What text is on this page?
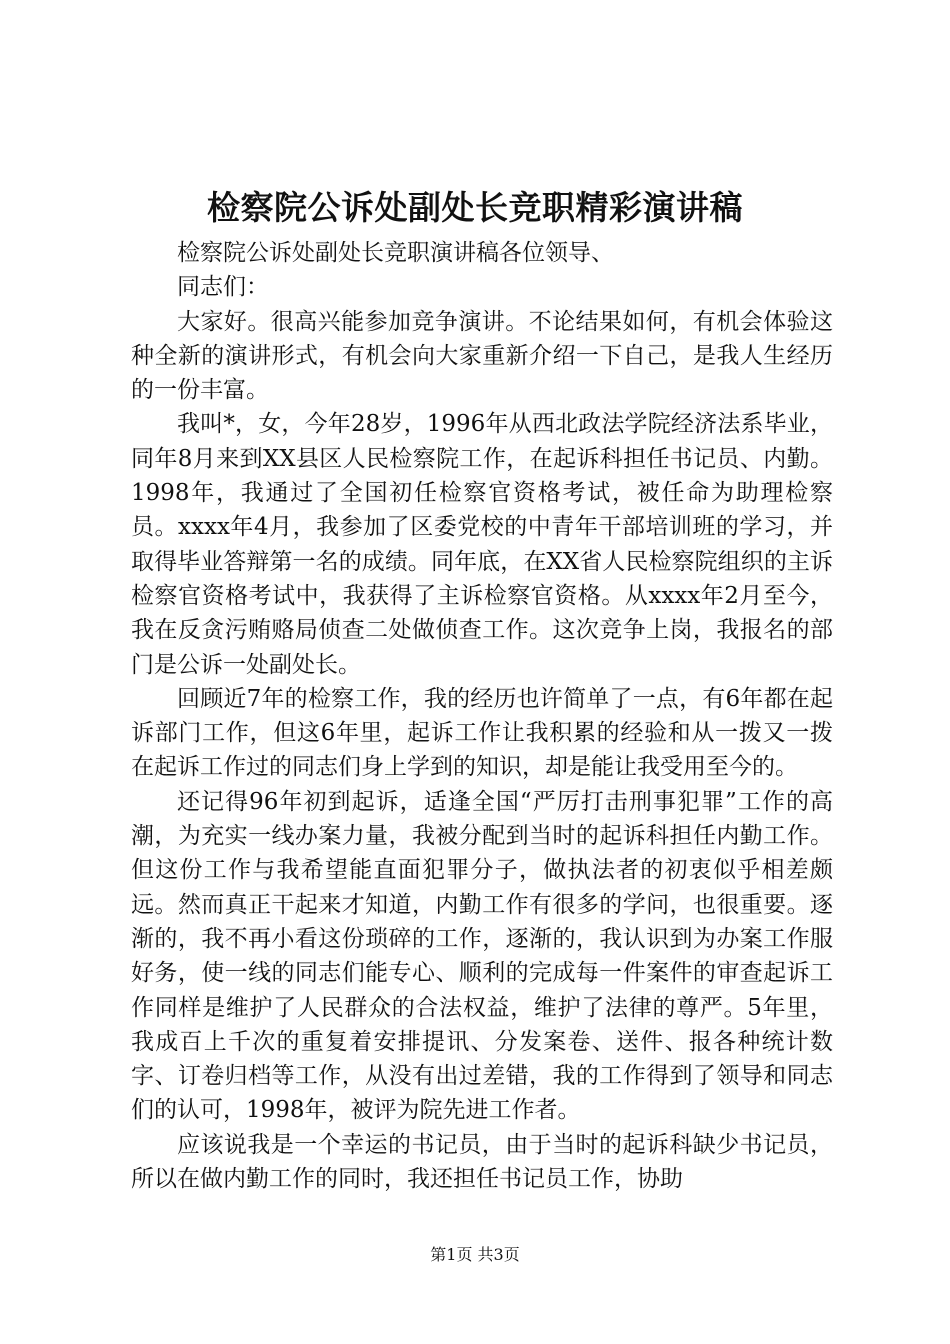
检察院公诉处副处长竞职精彩演讲稿

检察院公诉处副处长竞职演讲稿各位领导、

同志们：

大家好。很高兴能参加竞争演讲。不论结果如何，有机会体验这种全新的演讲形式，有机会向大家重新介绍一下自己，是我人生经历的一份丰富。

我叫*，女，今年28岁，1996年从西北政法学院经济法系毕业，同年8月来到XX县区人民检察院工作，在起诉科担任书记员、内勤。1998年，我通过了全国初任检察官资格考试，被任命为助理检察员。xxxx年4月，我参加了区委党校的中青年干部培训班的学习，并取得毕业答辩第一名的成绩。同年底，在XX省人民检察院组织的主诉检察官资格考试中，我获得了主诉检察官资格。从xxxx年2月至今，我在反贪污贿赂局侦查二处做侦查工作。这次竞争上岗，我报名的部门是公诉一处副处长。

回顾近7年的检察工作，我的经历也许简单了一点，有6年都在起诉部门工作，但这6年里，起诉工作让我积累的经验和从一拨又一拨在起诉工作过的同志们身上学到的知识，却是能让我受用至今的。

还记得96年初到起诉，适逢全国“严厉打击刑事犯罪”工作的高潮，为充实一线办案力量，我被分配到当时的起诉科担任内勤工作。但这份工作与我希望能直面犯罪分子，做执法者的初衷似乎相差颇远。然而真正干起来才知道，内勤工作有很多的学问，也很重要。逐渐的，我不再小看这份琐碎的工作，逐渐的，我认识到为办案工作服好务，使一线的同志们能专心、顺利的完成每一件案件的审查起诉工作同样是维护了人民群众的合法权益，维护了法律的尊严。5年里，我成百上千次的重复着安排提讯、分发案卷、送件、报各种统计数字、订卷归档等工作，从没有出过差错，我的工作得到了领导和同志们的认可，1998年，被评为院先进工作者。

应该说我是一个幸运的书记员，由于当时的起诉科缺少书记员，所以在做内勤工作的同时，我还担任书记员工作，协助

第1页 共3页
